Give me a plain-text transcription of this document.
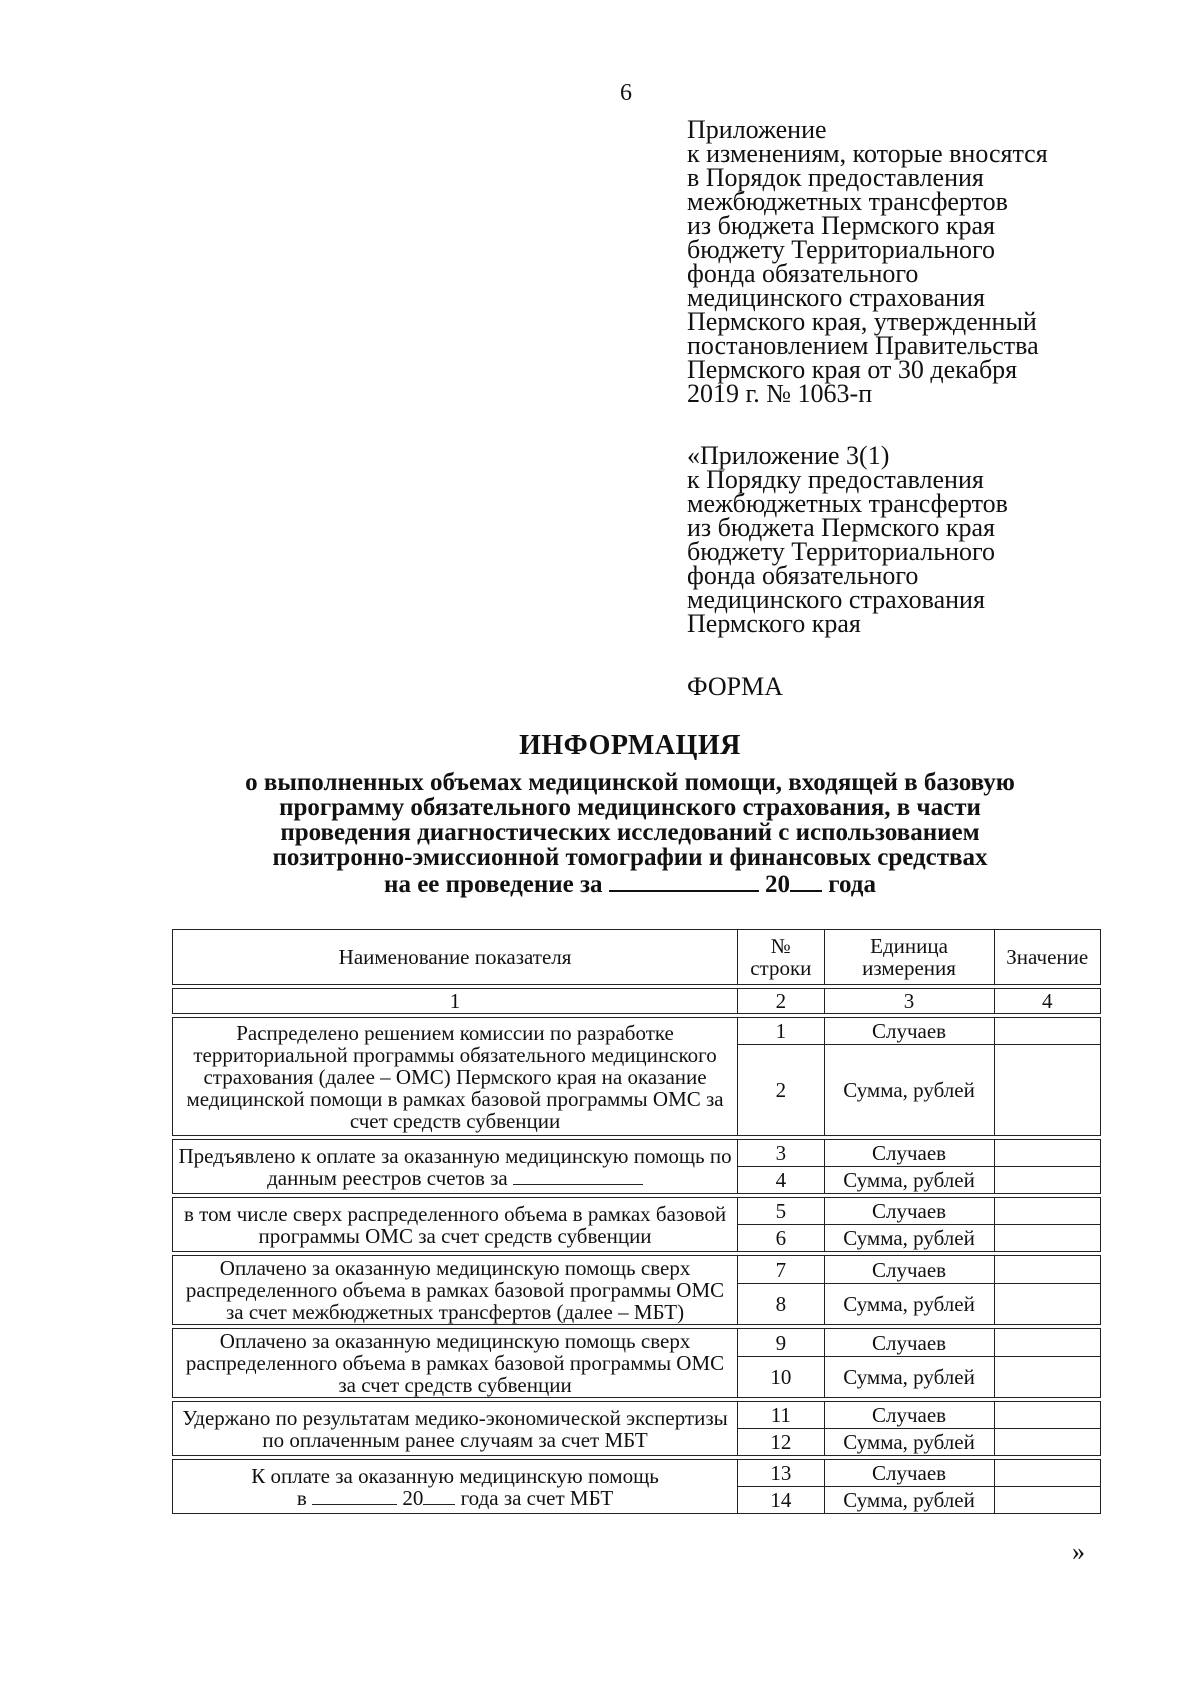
6
Приложение
к изменениям, которые вносятся
в Порядок предоставления
межбюджетных трансфертов
из бюджета Пермского края
бюджету Территориального
фонда обязательного
медицинского страхования
Пермского края, утвержденный
постановлением Правительства
Пермского края от 30 декабря
2019 г. № 1063-п
«Приложение 3(1)
к Порядку предоставления
межбюджетных трансфертов
из бюджета Пермского края
бюджету Территориального
фонда обязательного
медицинского страхования
Пермского края
ФОРМА
ИНФОРМАЦИЯ
о выполненных объемах медицинской помощи, входящей в базовую
программу обязательного медицинского страхования, в части
проведения диагностических исследований с использованием
позитронно-эмиссионной томографии и финансовых средствах
на ее проведение за	20 года
Наименование показателя	№ строки	Единица измерения	Значение

1	2	3	4

Распределено решением комиссии по разработке территориальной программы обязательного медицинского страхования (далее – ОМС) Пермского края на оказание медицинской помощи в рамках базовой программы ОМС за счет средств субвенции	1	Случаев	
	2	Сумма, рублей	

Предъявлено к оплате за оказанную медицинскую помощь по данным реестров счетов за	3	Случаев	
	4	Сумма, рублей	

в том числе сверх распределенного объема в рамках базовой программы ОМС за счет средств субвенции	5	Случаев	
	6	Сумма, рублей	

Оплачено за оказанную медицинскую помощь сверх распределенного объема в рамках базовой программы ОМС за счет межбюджетных трансфертов (далее – МБТ)	7	Случаев	
	8	Сумма, рублей	

Оплачено за оказанную медицинскую помощь сверх распределенного объема в рамках базовой программы ОМС за счет средств субвенции	9	Случаев	
	10	Сумма, рублей	

Удержано по результатам медико-экономической экспертизы по оплаченным ранее случаям за счет МБТ	11	Случаев	
	12	Сумма, рублей	

К оплате за оказанную медицинскую помощь
в 20 года за счет МБТ	13	Случаев	
	14	Сумма, рублей	
»
